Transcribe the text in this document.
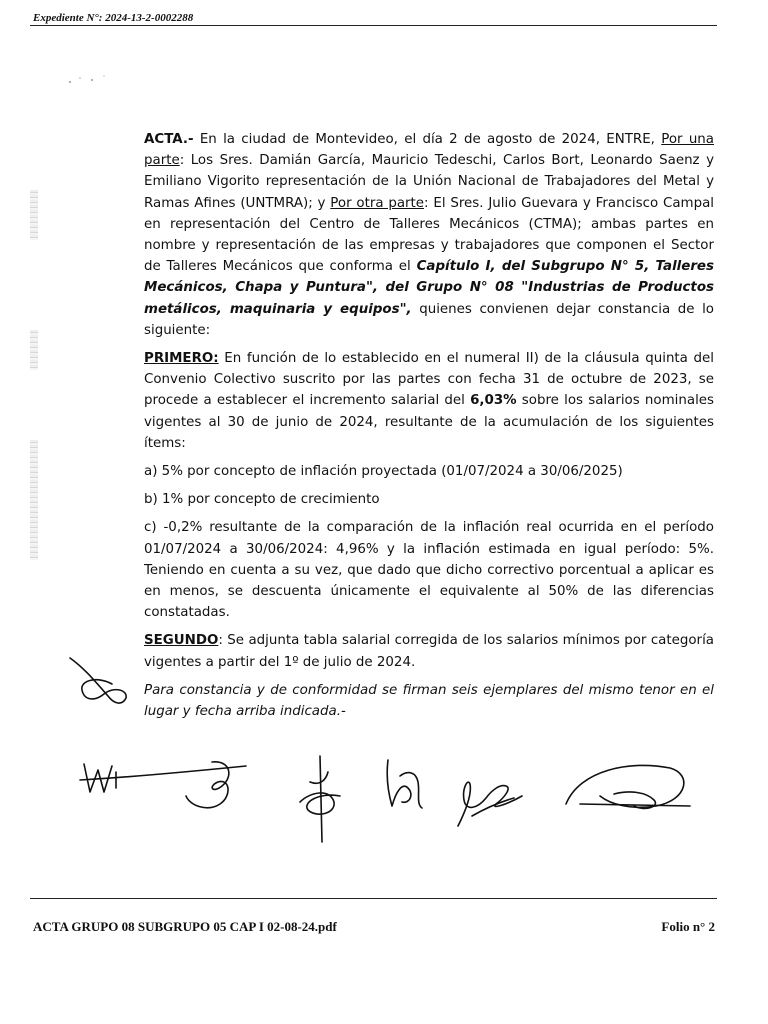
Expediente N°: 2024-13-2-0002288

ACTA.- En la ciudad de Montevideo, el día 2 de agosto de 2024, ENTRE, Por una parte: Los Sres. Damián García, Mauricio Tedeschi, Carlos Bort, Leonardo Saenz y Emiliano Vigorito representación de la Unión Nacional de Trabajadores del Metal y Ramas Afines (UNTMRA); y Por otra parte: El Sres. Julio Guevara y Francisco Campal en representación del Centro de Talleres Mecánicos (CTMA); ambas partes en nombre y representación de las empresas y trabajadores que componen el Sector de Talleres Mecánicos que conforma el Capítulo I, del Subgrupo N° 5, Talleres Mecánicos, Chapa y Puntura", del Grupo N° 08 "Industrias de Productos metálicos, maquinaria y equipos", quienes convienen dejar constancia de lo siguiente:

PRIMERO: En función de lo establecido en el numeral II) de la cláusula quinta del Convenio Colectivo suscrito por las partes con fecha 31 de octubre de 2023, se procede a establecer el incremento salarial del 6,03% sobre los salarios nominales vigentes al 30 de junio de 2024, resultante de la acumulación de los siguientes ítems:

a) 5% por concepto de inflación proyectada (01/07/2024 a 30/06/2025)

b) 1% por concepto de crecimiento

c) -0,2% resultante de la comparación de la inflación real ocurrida en el período 01/07/2024 a 30/06/2024: 4,96% y la inflación estimada en igual período: 5%. Teniendo en cuenta a su vez, que dado que dicho correctivo porcentual a aplicar es en menos, se descuenta únicamente el equivalente al 50% de las diferencias constatadas.

SEGUNDO: Se adjunta tabla salarial corregida de los salarios mínimos por categoría vigentes a partir del 1º de julio de 2024.

Para constancia y de conformidad se firman seis ejemplares del mismo tenor en el lugar y fecha arriba indicada.-

ACTA GRUPO 08 SUBGRUPO 05 CAP I 02-08-24.pdf	Folio n° 2
